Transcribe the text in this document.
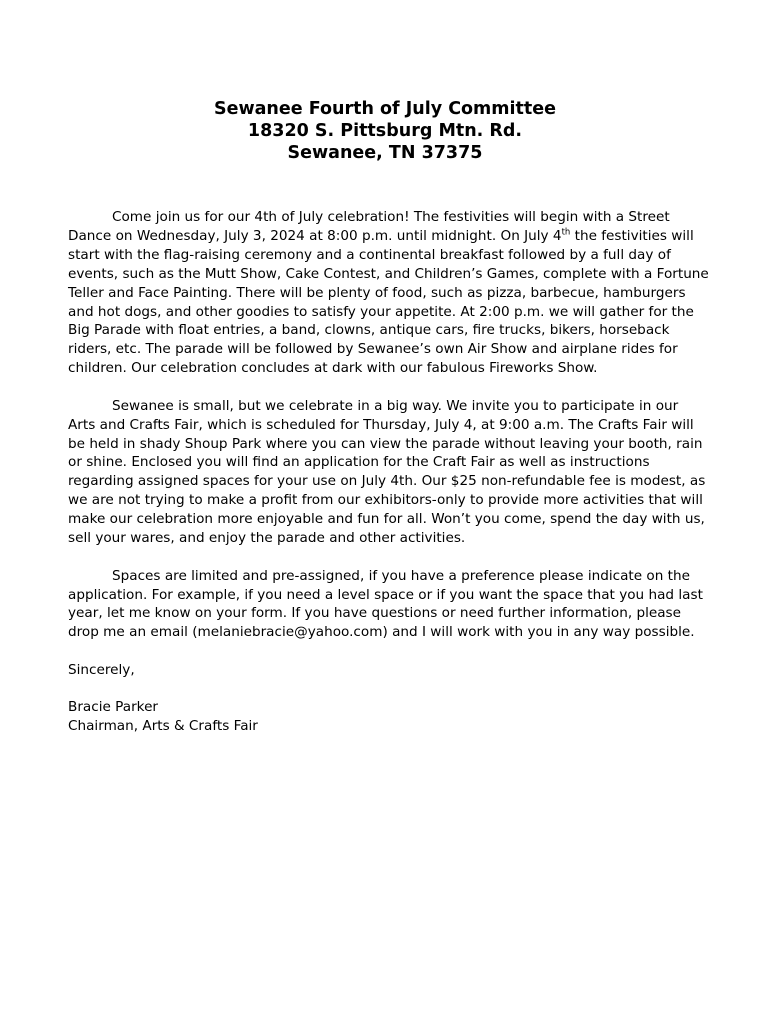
Sewanee Fourth of July Committee
18320 S. Pittsburg Mtn. Rd.
Sewanee, TN 37375
Come join us for our 4th of July celebration! The festivities will begin with a Street
Dance on Wednesday, July 3, 2024 at 8:00 p.m. until midnight. On July 4th the festivities will
start with the flag-raising ceremony and a continental breakfast followed by a full day of
events, such as the Mutt Show, Cake Contest, and Children’s Games, complete with a Fortune
Teller and Face Painting. There will be plenty of food, such as pizza, barbecue, hamburgers
and hot dogs, and other goodies to satisfy your appetite. At 2:00 p.m. we will gather for the
Big Parade with float entries, a band, clowns, antique cars, fire trucks, bikers, horseback
riders, etc. The parade will be followed by Sewanee’s own Air Show and airplane rides for
children. Our celebration concludes at dark with our fabulous Fireworks Show.
Sewanee is small, but we celebrate in a big way. We invite you to participate in our
Arts and Crafts Fair, which is scheduled for Thursday, July 4, at 9:00 a.m. The Crafts Fair will
be held in shady Shoup Park where you can view the parade without leaving your booth, rain
or shine. Enclosed you will find an application for the Craft Fair as well as instructions
regarding assigned spaces for your use on July 4th. Our $25 non-refundable fee is modest, as
we are not trying to make a profit from our exhibitors-only to provide more activities that will
make our celebration more enjoyable and fun for all. Won’t you come, spend the day with us,
sell your wares, and enjoy the parade and other activities.
Spaces are limited and pre-assigned, if you have a preference please indicate on the
application. For example, if you need a level space or if you want the space that you had last
year, let me know on your form. If you have questions or need further information, please
drop me an email (melaniebracie@yahoo.com) and I will work with you in any way possible.
Sincerely,
Bracie Parker
Chairman, Arts & Crafts Fair
